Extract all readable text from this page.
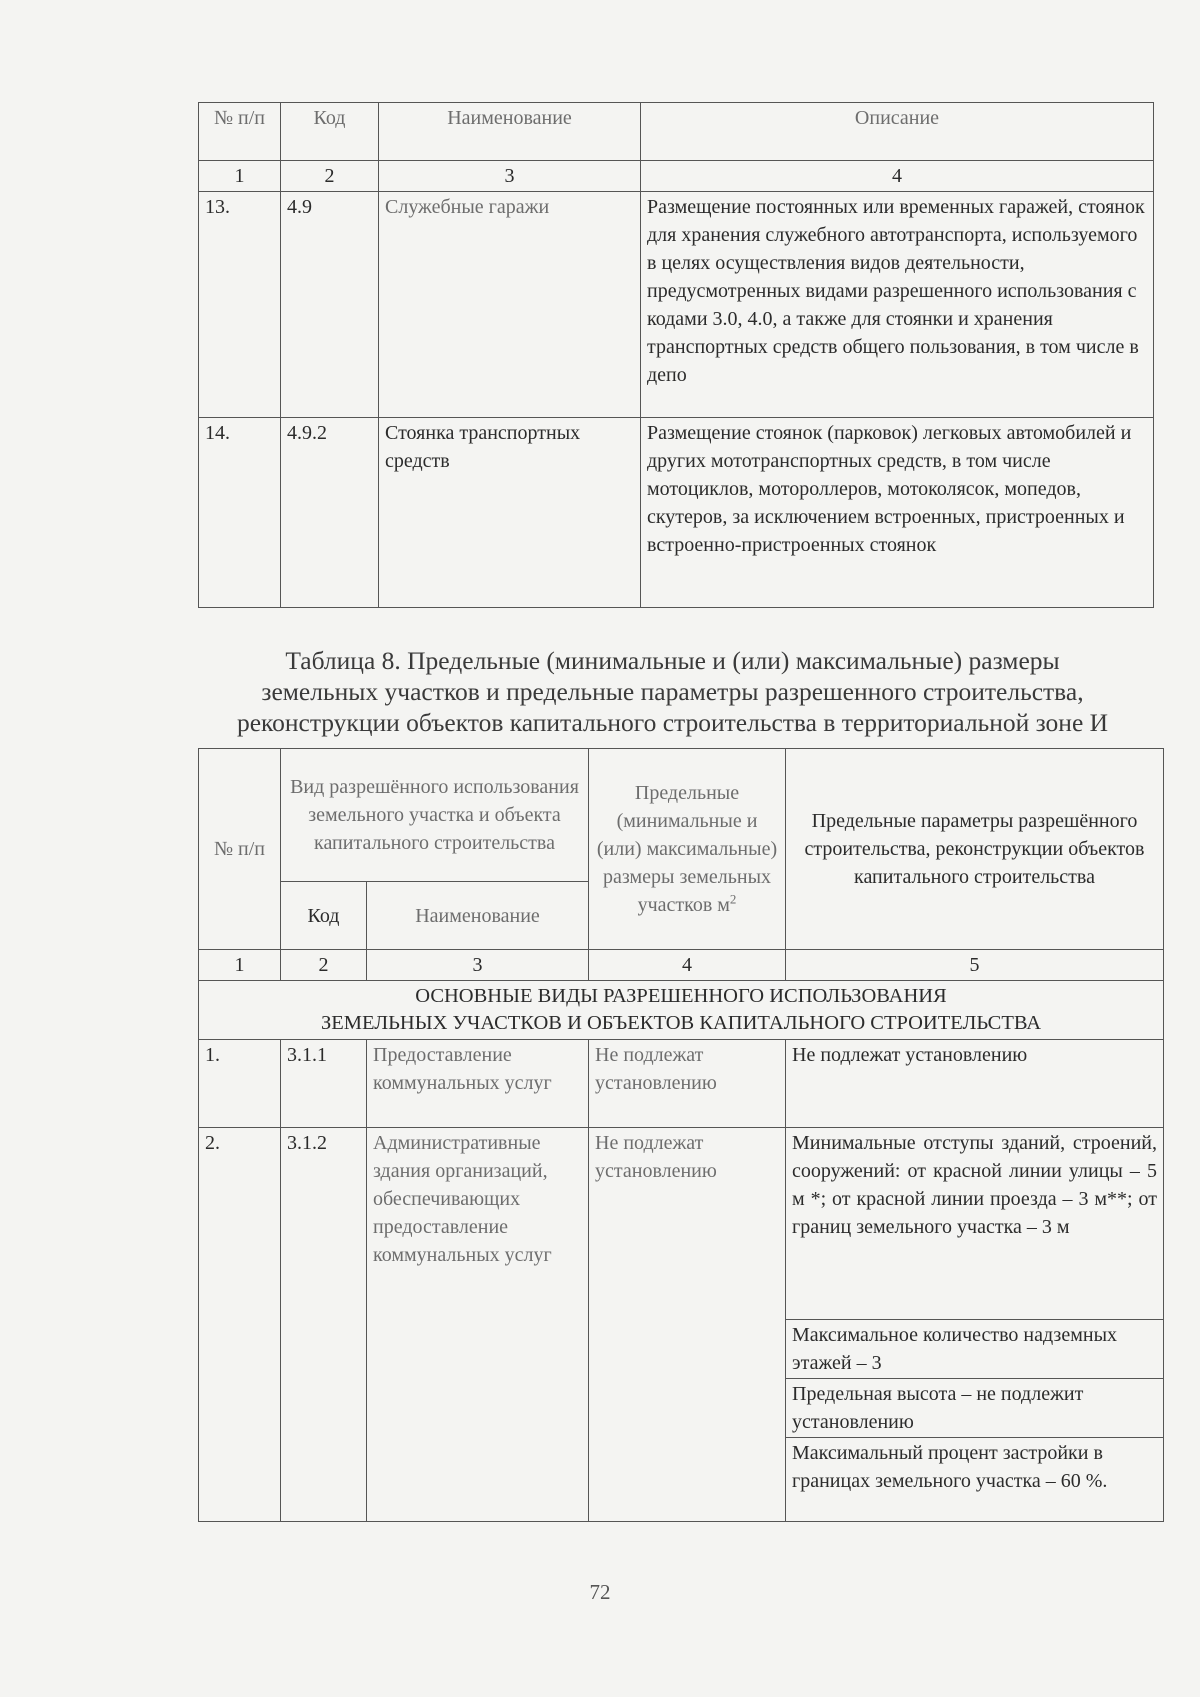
№ п/п	Код	Наименование	Описание
1	2	3	4
13.	4.9	Служебные гаражи	Размещение постоянных или временных гаражей, стоянок для хранения служебного автотранспорта, используемого в целях осуществления видов деятельности, предусмотренных видами разрешенного использования с кодами 3.0, 4.0, а также для стоянки и хранения транспортных средств общего пользования, в том числе в депо
14.	4.9.2	Стоянка транспортных средств	Размещение стоянок (парковок) легковых автомобилей и других мототранспортных средств, в том числе мотоциклов, мотороллеров, мотоколясок, мопедов, скутеров, за исключением встроенных, пристроенных и встроенно-пристроенных стоянок
Таблица 8. Предельные (минимальные и (или) максимальные) размеры
земельных участков и предельные параметры разрешенного строительства,
реконструкции объектов капитального строительства в территориальной зоне И
№ п/п	Вид разрешённого использования земельного участка и объекта капитального строительства		Предельные (минимальные и (или) максимальные) размеры земельных участков $м^2$	Предельные параметры разрешённого строительства, реконструкции объектов капитального строительства
	Код	Наименование		
1	2	3	4	5

ОСНОВНЫЕ ВИДЫ РАЗРЕШЕННОГО ИСПОЛЬЗОВАНИЯ
ЗЕМЕЛЬНЫХ УЧАСТКОВ И ОБЪЕКТОВ КАПИТАЛЬНОГО СТРОИТЕЛЬСТВА				

1.	3.1.1	Предоставление коммунальных услуг	Не подлежат установлению	Не подлежат установлению
2.	3.1.2	Административные здания организаций, обеспечивающих предоставление коммунальных услуг	Не подлежат установлению	Минимальные отступы зданий, строений, сооружений: от красной линии улицы – 5 м *; от красной линии проезда – 3 м**; от границ земельного участка – 3 м
				Максимальное количество надземных этажей – 3
				Предельная высота – не подлежит установлению
				Максимальный процент застройки в границах земельного участка – 60 %.
72
